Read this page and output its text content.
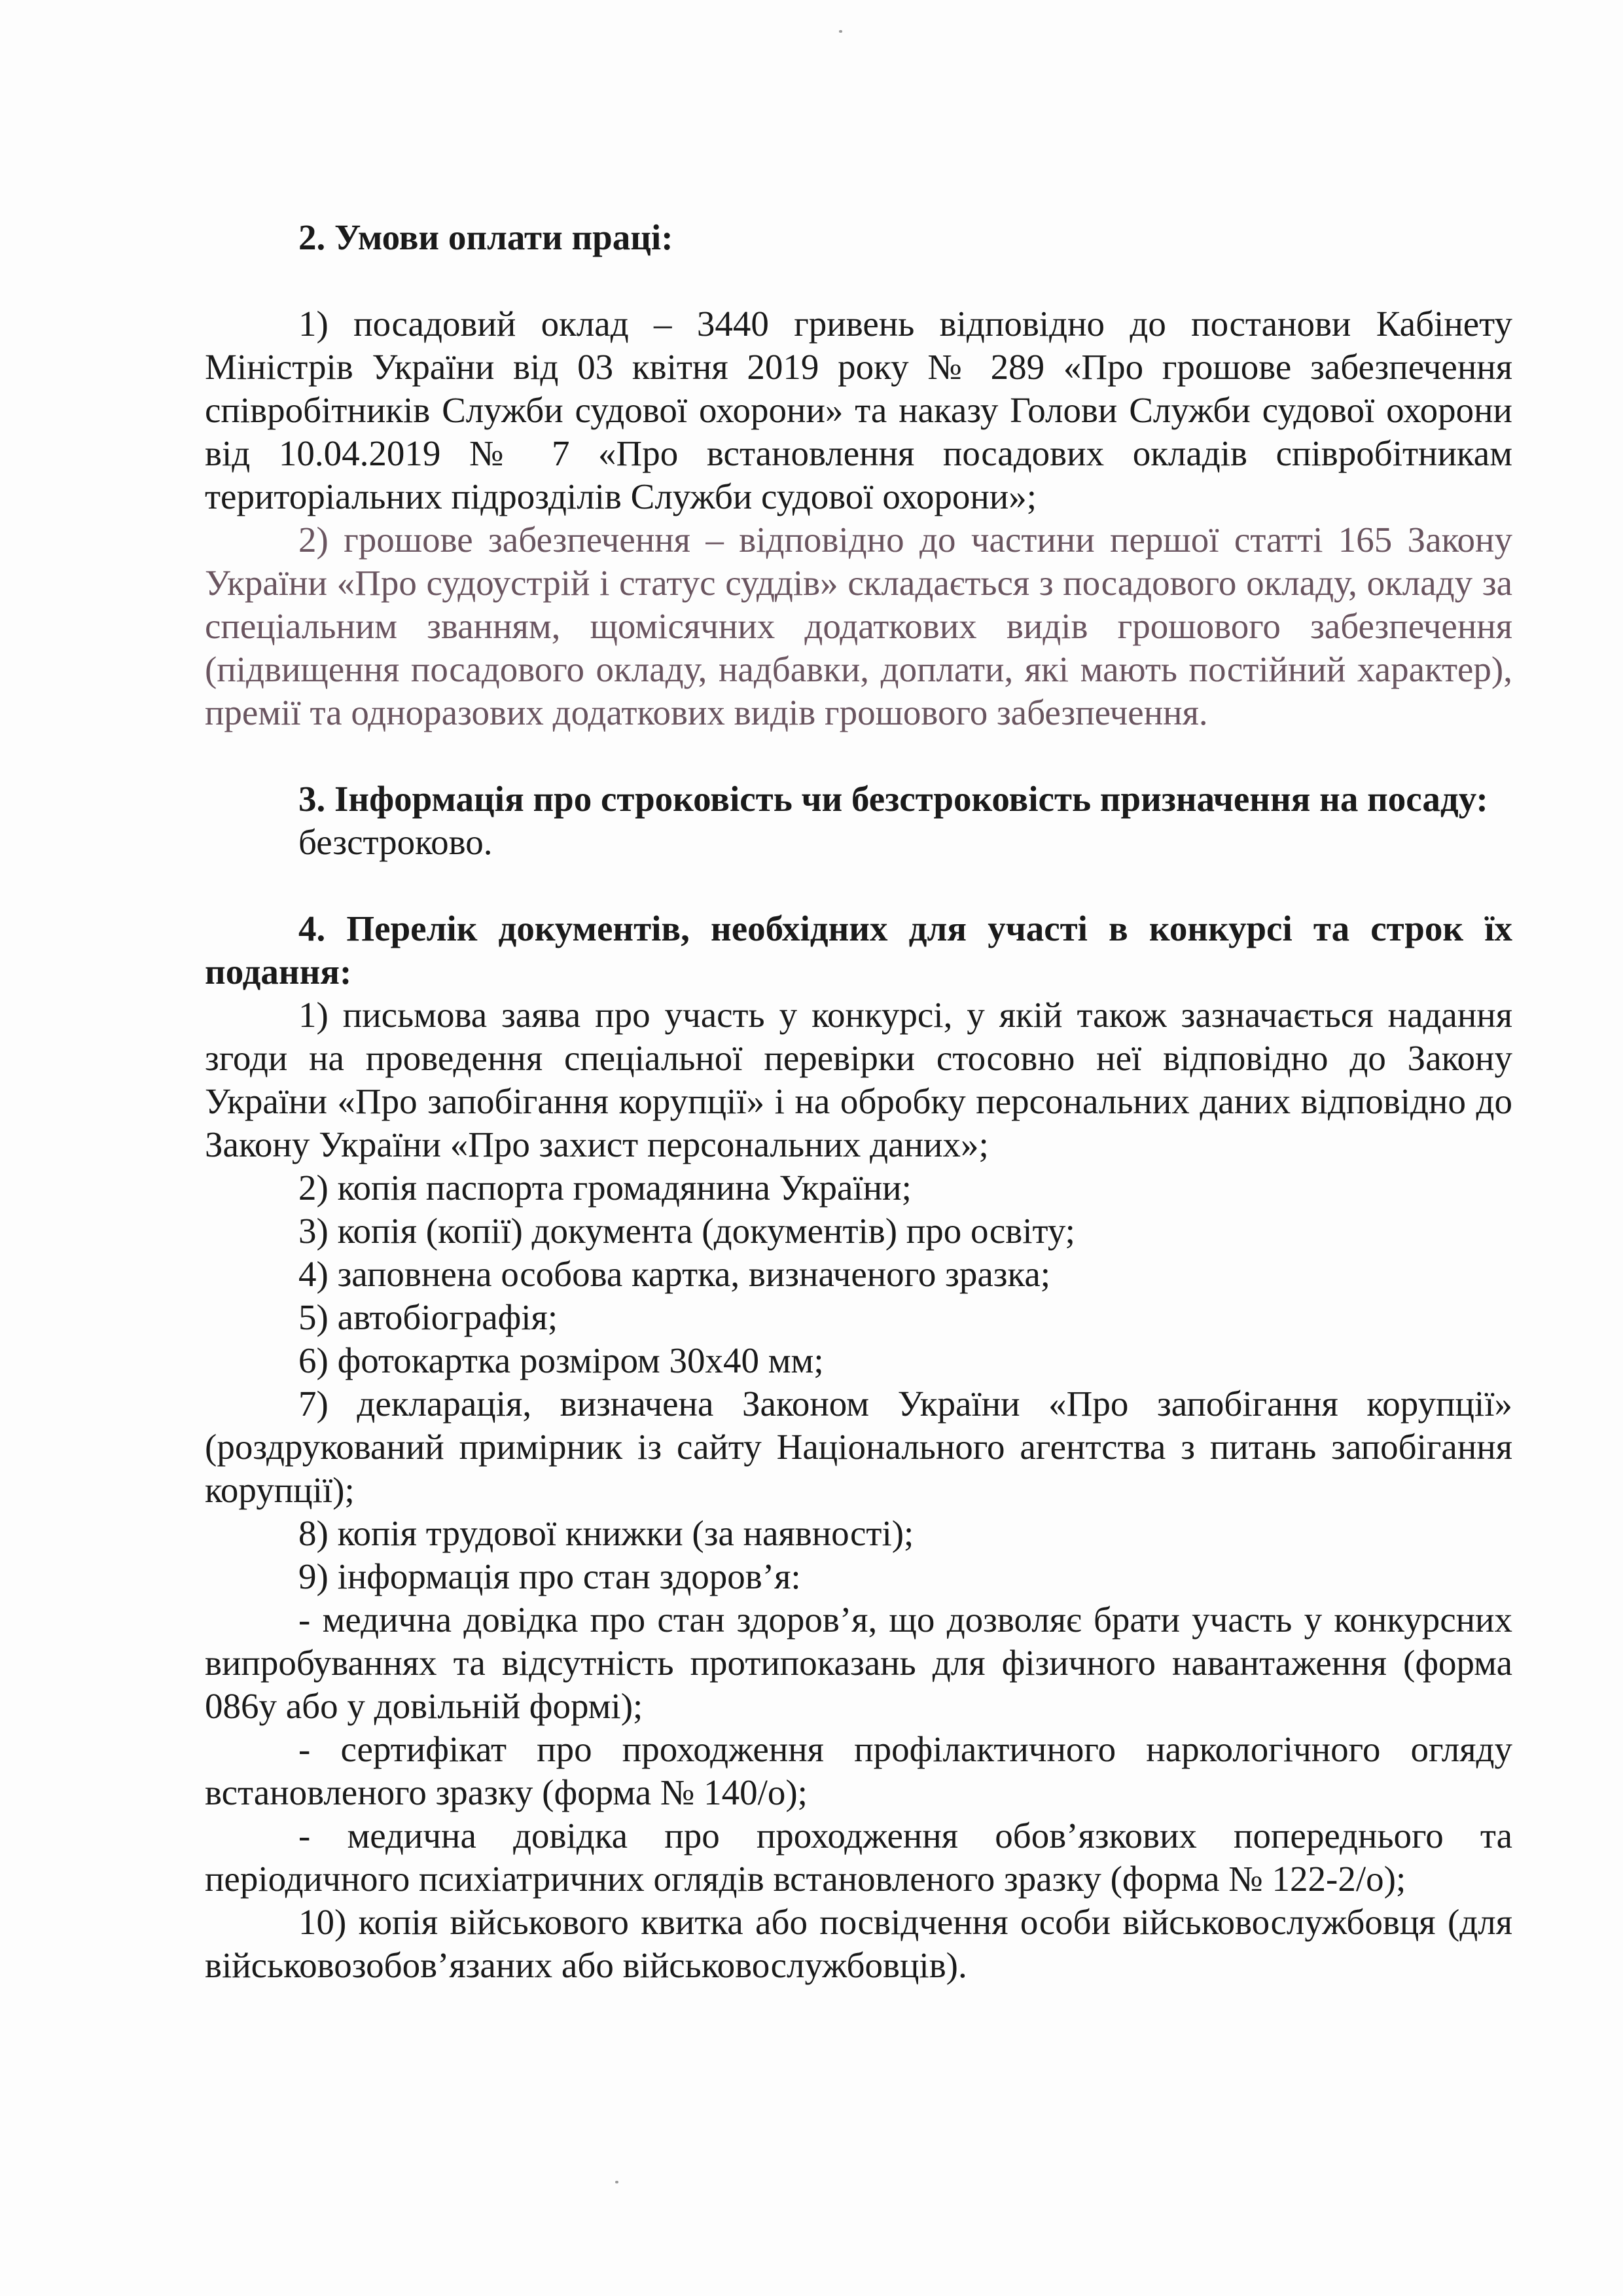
2. Умови оплати праці:

1) посадовий оклад – 3440 гривень відповідно до постанови Кабінету Міністрів України від 03 квітня 2019 року № 289 «Про грошове забезпечення співробітників Служби судової охорони» та наказу Голови Служби судової охорони від 10.04.2019 № 7 «Про встановлення посадових окладів співробітникам територіальних підрозділів Служби судової охорони»;

2) грошове забезпечення – відповідно до частини першої статті 165 Закону України «Про судоустрій і статус суддів» складається з посадового окладу, окладу за спеціальним званням, щомісячних додаткових видів грошового забезпечення (підвищення посадового окладу, надбавки, доплати, які мають постійний характер), премії та одноразових додаткових видів грошового забезпечення.

3. Інформація про строковість чи безстроковість призначення на посаду:

безстроково.

4. Перелік документів, необхідних для участі в конкурсі та строк їх подання:

1) письмова заява про участь у конкурсі, у якій також зазначається надання згоди на проведення спеціальної перевірки стосовно неї відповідно до Закону України «Про запобігання корупції» і на обробку персональних даних відповідно до Закону України «Про захист персональних даних»;

2) копія паспорта громадянина України;

3) копія (копії) документа (документів) про освіту;

4) заповнена особова картка, визначеного зразка;

5) автобіографія;

6) фотокартка розміром 30х40 мм;

7) декларація, визначена Законом України «Про запобігання корупції» (роздрукований примірник із сайту Національного агентства з питань запобігання корупції);

8) копія трудової книжки (за наявності);

9) інформація про стан здоров’я:

- медична довідка про стан здоров’я, що дозволяє брати участь у конкурсних випробуваннях та відсутність протипоказань для фізичного навантаження (форма 086у або у довільній формі);

- сертифікат про проходження профілактичного наркологічного огляду встановленого зразку (форма № 140/о);

- медична довідка про проходження обов’язкових попереднього та періодичного психіатричних оглядів встановленого зразку (форма № 122-2/о);

10) копія військового квитка або посвідчення особи військовослужбовця (для військовозобов’язаних або військовослужбовців).
